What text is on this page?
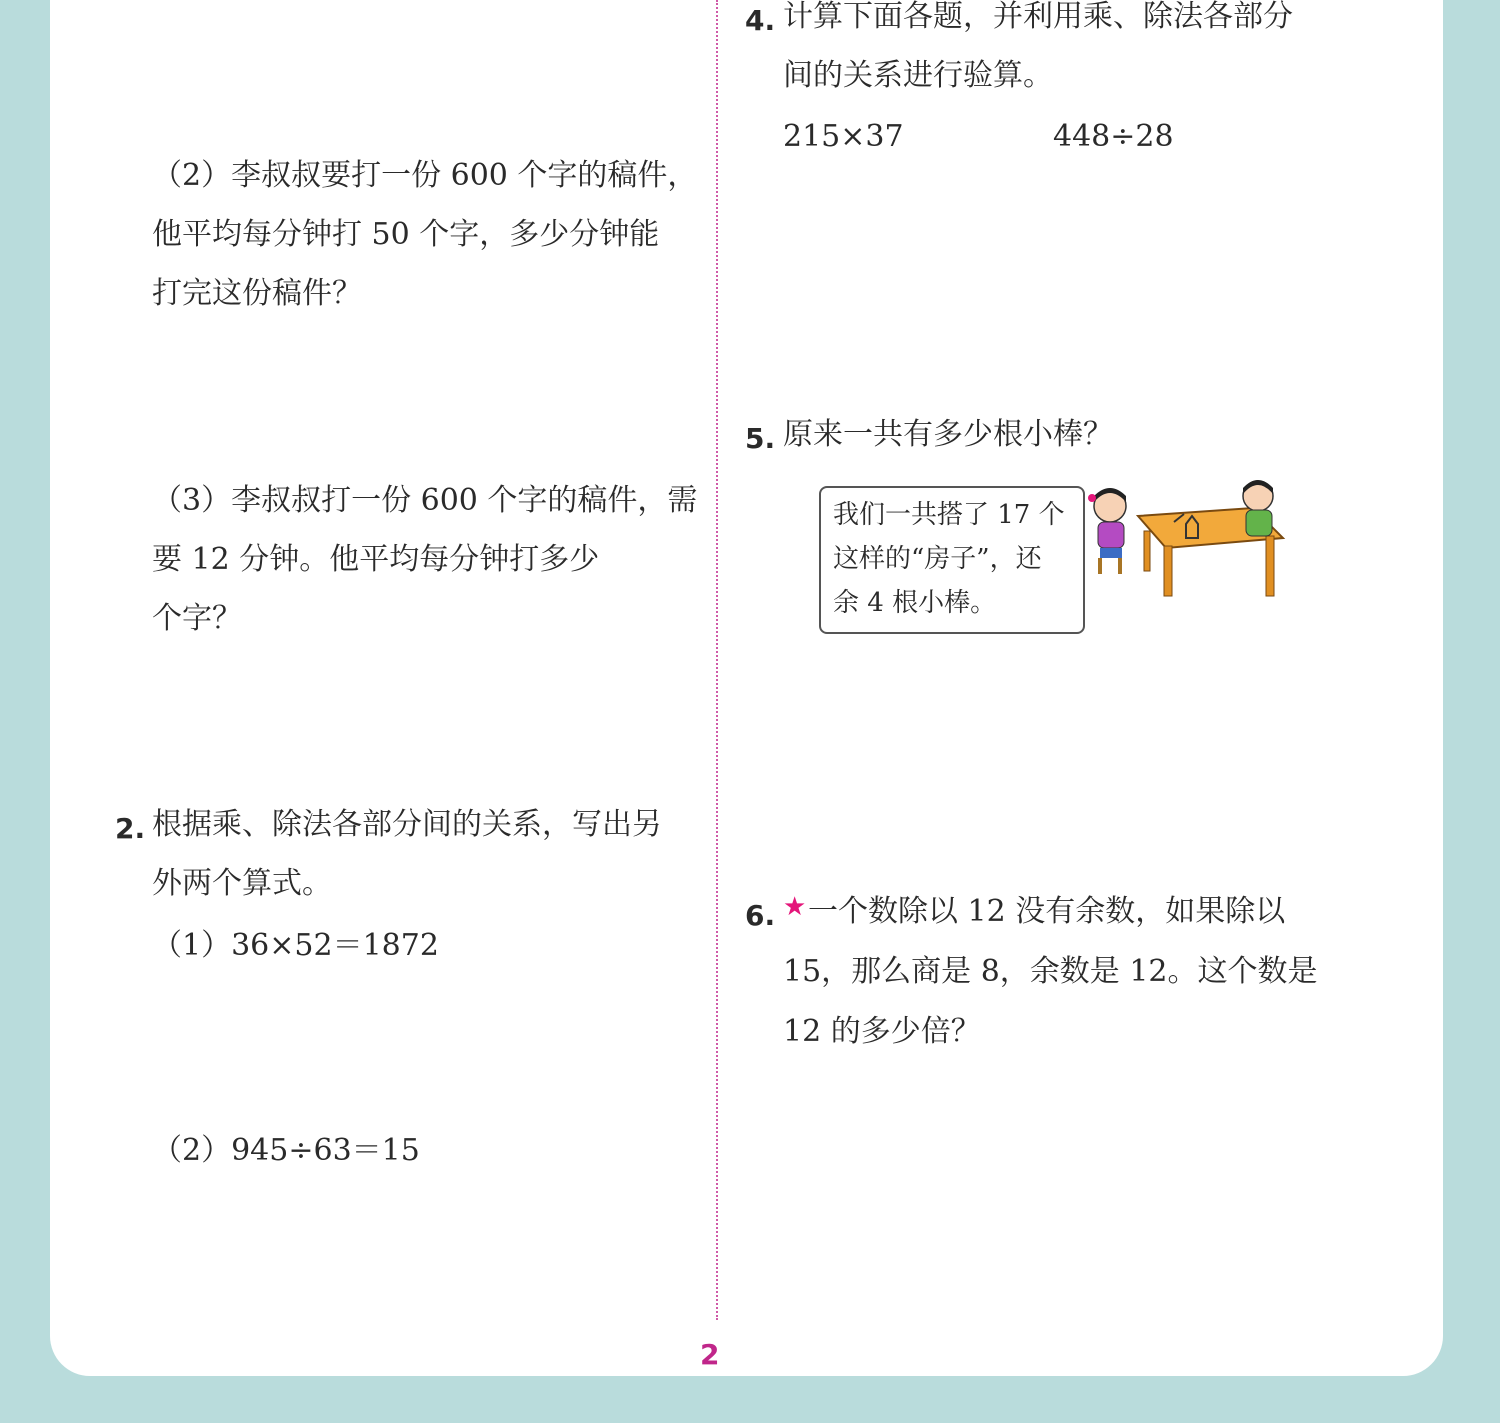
（2）李叔叔要打一份 600 个字的稿件，
他平均每分钟打 50 个字，多少分钟能
打完这份稿件？
（3）李叔叔打一份 600 个字的稿件，需
要 12 分钟。他平均每分钟打多少
个字？
2. 根据乘、除法各部分间的关系，写出另
外两个算式。
（1）36×52＝1872
（2）945÷63＝15
4. 计算下面各题，并利用乘、除法各部分
间的关系进行验算。
215×37	448÷28
5. 原来一共有多少根小棒？
我们一共搭了 17 个
这样的“房子”，还
余 4 根小棒。
6. ★ 一个数除以 12 没有余数，如果除以
15，那么商是 8，余数是 12。这个数是
12 的多少倍？
2
